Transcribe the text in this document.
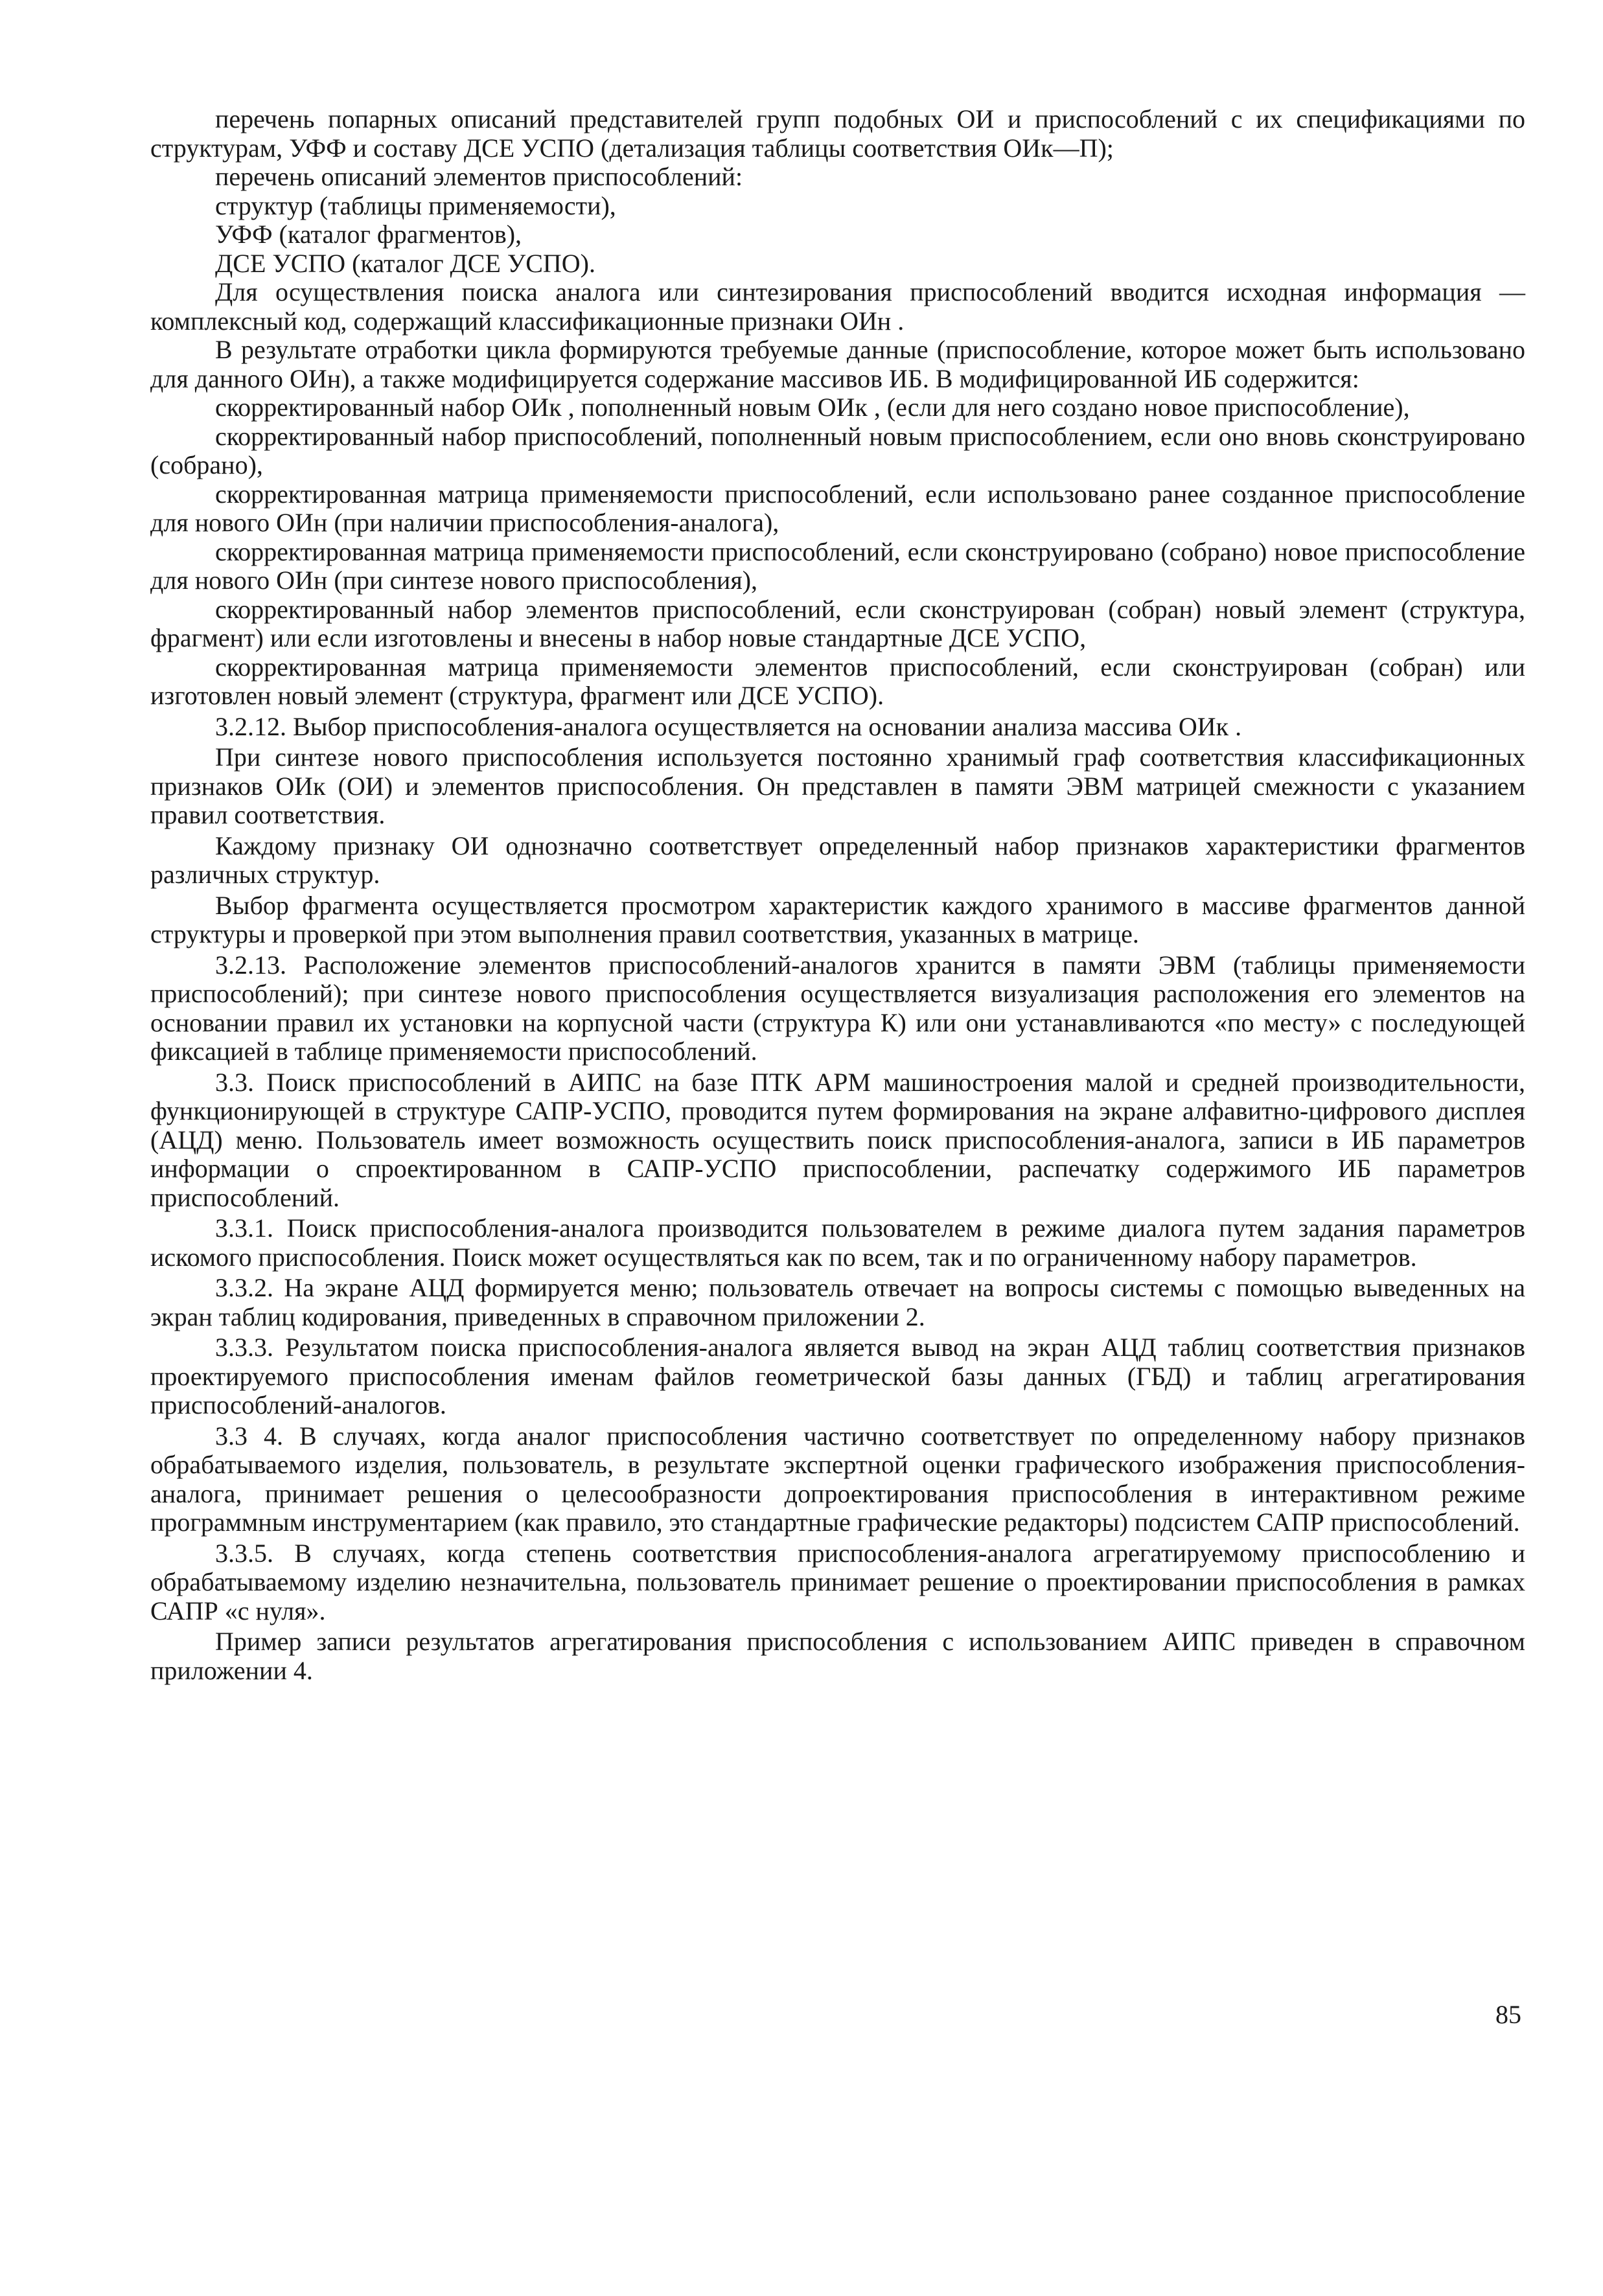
перечень попарных описаний представителей групп подобных ОИ и приспособлений с их спецификациями по структурам, УФФ и составу ДСЕ УСПО (детализация таблицы соответствия ОИк—П);

перечень описаний элементов приспособлений:

структур (таблицы применяемости),

УФФ (каталог фрагментов),

ДСЕ УСПО (каталог ДСЕ УСПО).

Для осуществления поиска аналога или синтезирования приспособлений вводится исходная информация — комплексный код, содержащий классификационные признаки ОИн .

В результате отработки цикла формируются требуемые данные (приспособление, которое может быть использовано для данного ОИн), а также модифицируется содержание массивов ИБ. В модифицированной ИБ содержится:

скорректированный набор ОИк , пополненный новым ОИк , (если для него создано новое приспособление),

скорректированный набор приспособлений, пополненный новым приспособлением, если оно вновь сконструировано (собрано),

скорректированная матрица применяемости приспособлений, если использовано ранее созданное приспособление для нового ОИн (при наличии приспособления-аналога),

скорректированная матрица применяемости приспособлений, если сконструировано (собрано) новое приспособление для нового ОИн (при синтезе нового приспособления),

скорректированный набор элементов приспособлений, если сконструирован (собран) новый элемент (структура, фрагмент) или если изготовлены и внесены в набор новые стандартные ДСЕ УСПО,

скорректированная матрица применяемости элементов приспособлений, если сконструирован (собран) или изготовлен новый элемент (структура, фрагмент или ДСЕ УСПО).

3.2.12. Выбор приспособления-аналога осуществляется на основании анализа массива ОИк .

При синтезе нового приспособления используется постоянно хранимый граф соответствия классификационных признаков ОИк (ОИ) и элементов приспособления. Он представлен в памяти ЭВМ матрицей смежности с указанием правил соответствия.

Каждому признаку ОИ однозначно соответствует определенный набор признаков характеристики фрагментов различных структур.

Выбор фрагмента осуществляется просмотром характеристик каждого хранимого в массиве фрагментов данной структуры и проверкой при этом выполнения правил соответствия, указанных в матрице.

3.2.13. Расположение элементов приспособлений-аналогов хранится в памяти ЭВМ (таблицы применяемости приспособлений); при синтезе нового приспособления осуществляется визуализация расположения его элементов на основании правил их установки на корпусной части (структура К) или они устанавливаются «по месту» с последующей фиксацией в таблице применяемости приспособлений.

3.3. Поиск приспособлений в АИПС на базе ПТК АРМ машиностроения малой и средней производительности, функционирующей в структуре САПР-УСПО, проводится путем формирования на экране алфавитно-цифрового дисплея (АЦД) меню. Пользователь имеет возможность осуществить поиск приспособления-аналога, записи в ИБ параметров информации о спроектированном в САПР-УСПО приспособлении, распечатку содержимого ИБ параметров приспособлений.

3.3.1. Поиск приспособления-аналога производится пользователем в режиме диалога путем задания параметров искомого приспособления. Поиск может осуществляться как по всем, так и по ограниченному набору параметров.

3.3.2. На экране АЦД формируется меню; пользователь отвечает на вопросы системы с помощью выведенных на экран таблиц кодирования, приведенных в справочном приложении 2.

3.3.3. Результатом поиска приспособления-аналога является вывод на экран АЦД таблиц соответствия признаков проектируемого приспособления именам файлов геометрической базы данных (ГБД) и таблиц агрегатирования приспособлений-аналогов.

3.3 4. В случаях, когда аналог приспособления частично соответствует по определенному набору признаков обрабатываемого изделия, пользователь, в результате экспертной оценки графического изображения приспособления-аналога, принимает решения о целесообразности допроектирования приспособления в интерактивном режиме программным инструментарием (как правило, это стандартные графические редакторы) подсистем САПР приспособлений.

3.3.5. В случаях, когда степень соответствия приспособления-аналога агрегатируемому приспособлению и обрабатываемому изделию незначительна, пользователь принимает решение о проектировании приспособления в рамках САПР «с нуля».

Пример записи результатов агрегатирования приспособления с использованием АИПС приведен в справочном приложении 4.

85
